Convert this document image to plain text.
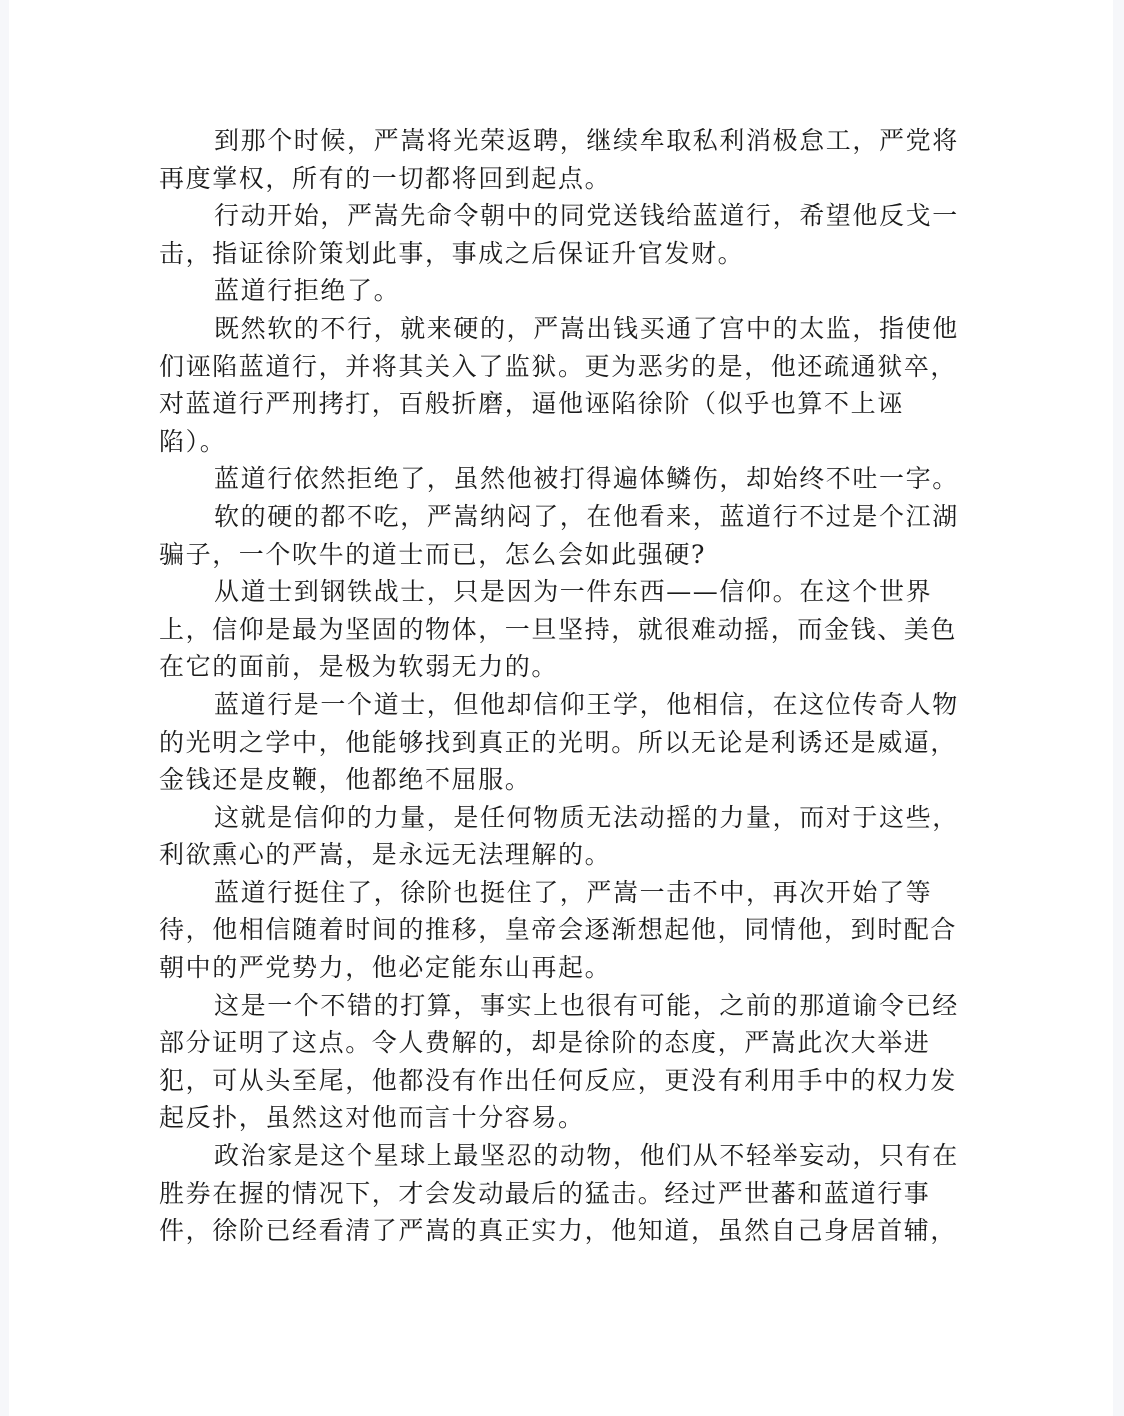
到那个时候，严嵩将光荣返聘，继续牟取私利消极怠工，严党将
再度掌权，所有的一切都将回到起点。
行动开始，严嵩先命令朝中的同党送钱给蓝道行，希望他反戈一
击，指证徐阶策划此事，事成之后保证升官发财。
蓝道行拒绝了。
既然软的不行，就来硬的，严嵩出钱买通了宫中的太监，指使他
们诬陷蓝道行，并将其关入了监狱。更为恶劣的是，他还疏通狱卒，
对蓝道行严刑拷打，百般折磨，逼他诬陷徐阶（似乎也算不上诬
陷）。
蓝道行依然拒绝了，虽然他被打得遍体鳞伤，却始终不吐一字。
软的硬的都不吃，严嵩纳闷了，在他看来，蓝道行不过是个江湖
骗子，一个吹牛的道士而已，怎么会如此强硬?
从道士到钢铁战士，只是因为一件东西——信仰。在这个世界
上，信仰是最为坚固的物体，一旦坚持，就很难动摇，而金钱、美色
在它的面前，是极为软弱无力的。
蓝道行是一个道士，但他却信仰王学，他相信，在这位传奇人物
的光明之学中，他能够找到真正的光明。所以无论是利诱还是威逼，
金钱还是皮鞭，他都绝不屈服。
这就是信仰的力量，是任何物质无法动摇的力量，而对于这些，
利欲熏心的严嵩，是永远无法理解的。
蓝道行挺住了，徐阶也挺住了，严嵩一击不中，再次开始了等
待，他相信随着时间的推移，皇帝会逐渐想起他，同情他，到时配合
朝中的严党势力，他必定能东山再起。
这是一个不错的打算，事实上也很有可能，之前的那道谕令已经
部分证明了这点。令人费解的，却是徐阶的态度，严嵩此次大举进
犯，可从头至尾，他都没有作出任何反应，更没有利用手中的权力发
起反扑，虽然这对他而言十分容易。
政治家是这个星球上最坚忍的动物，他们从不轻举妄动，只有在
胜券在握的情况下，才会发动最后的猛击。经过严世蕃和蓝道行事
件，徐阶已经看清了严嵩的真正实力，他知道，虽然自己身居首辅，
